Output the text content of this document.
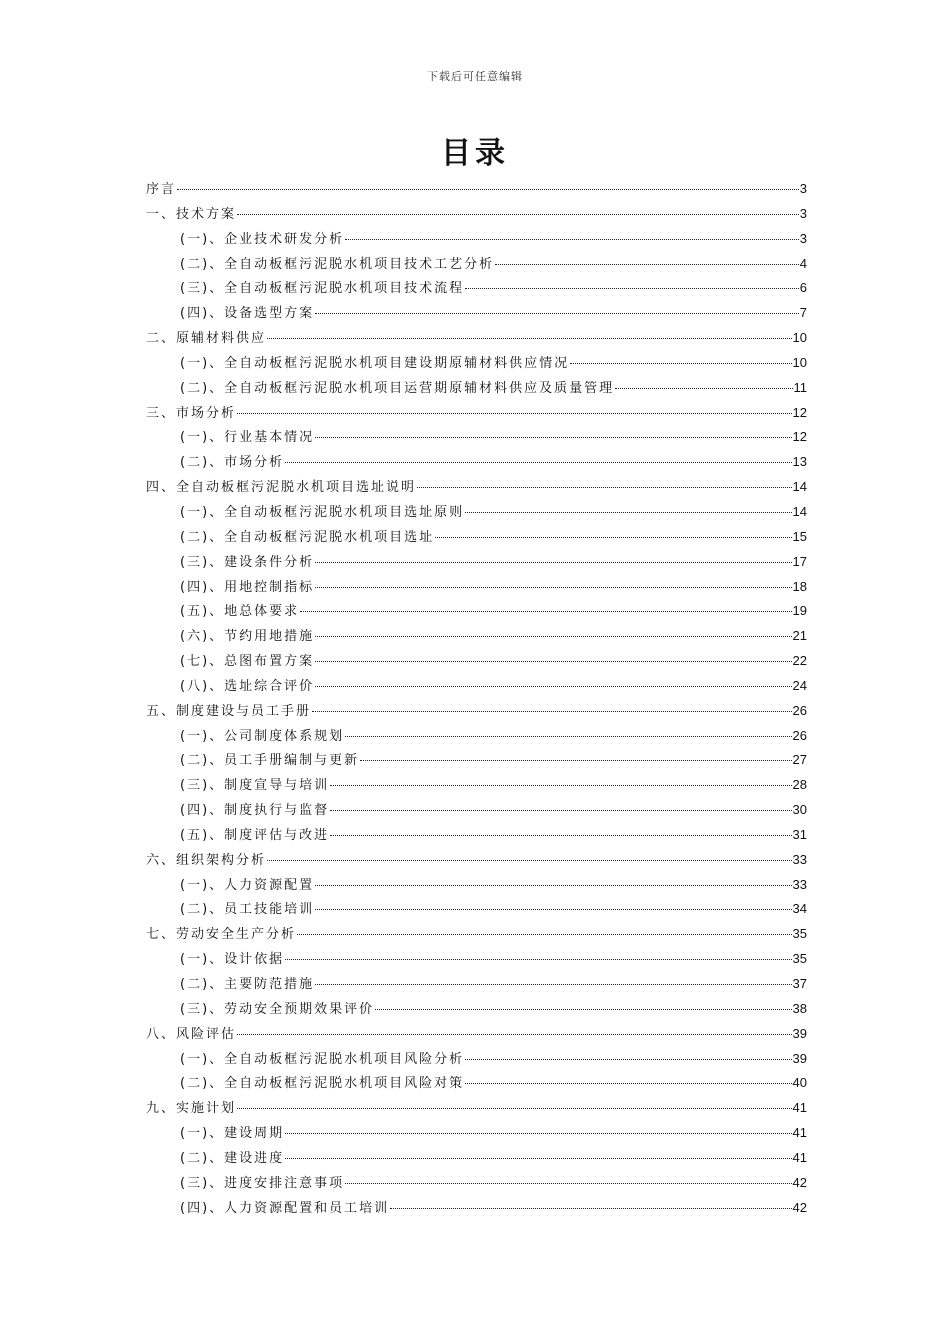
下载后可任意编辑
目录
序言	3
一、技术方案	3
(一)、企业技术研发分析	3
(二)、全自动板框污泥脱水机项目技术工艺分析	4
(三)、全自动板框污泥脱水机项目技术流程	6
(四)、设备选型方案	7
二、原辅材料供应	10
(一)、全自动板框污泥脱水机项目建设期原辅材料供应情况	10
(二)、全自动板框污泥脱水机项目运营期原辅材料供应及质量管理	11
三、市场分析	12
(一)、行业基本情况	12
(二)、市场分析	13
四、全自动板框污泥脱水机项目选址说明	14
(一)、全自动板框污泥脱水机项目选址原则	14
(二)、全自动板框污泥脱水机项目选址	15
(三)、建设条件分析	17
(四)、用地控制指标	18
(五)、地总体要求	19
(六)、节约用地措施	21
(七)、总图布置方案	22
(八)、选址综合评价	24
五、制度建设与员工手册	26
(一)、公司制度体系规划	26
(二)、员工手册编制与更新	27
(三)、制度宣导与培训	28
(四)、制度执行与监督	30
(五)、制度评估与改进	31
六、组织架构分析	33
(一)、人力资源配置	33
(二)、员工技能培训	34
七、劳动安全生产分析	35
(一)、设计依据	35
(二)、主要防范措施	37
(三)、劳动安全预期效果评价	38
八、风险评估	39
(一)、全自动板框污泥脱水机项目风险分析	39
(二)、全自动板框污泥脱水机项目风险对策	40
九、实施计划	41
(一)、建设周期	41
(二)、建设进度	41
(三)、进度安排注意事项	42
(四)、人力资源配置和员工培训	42
